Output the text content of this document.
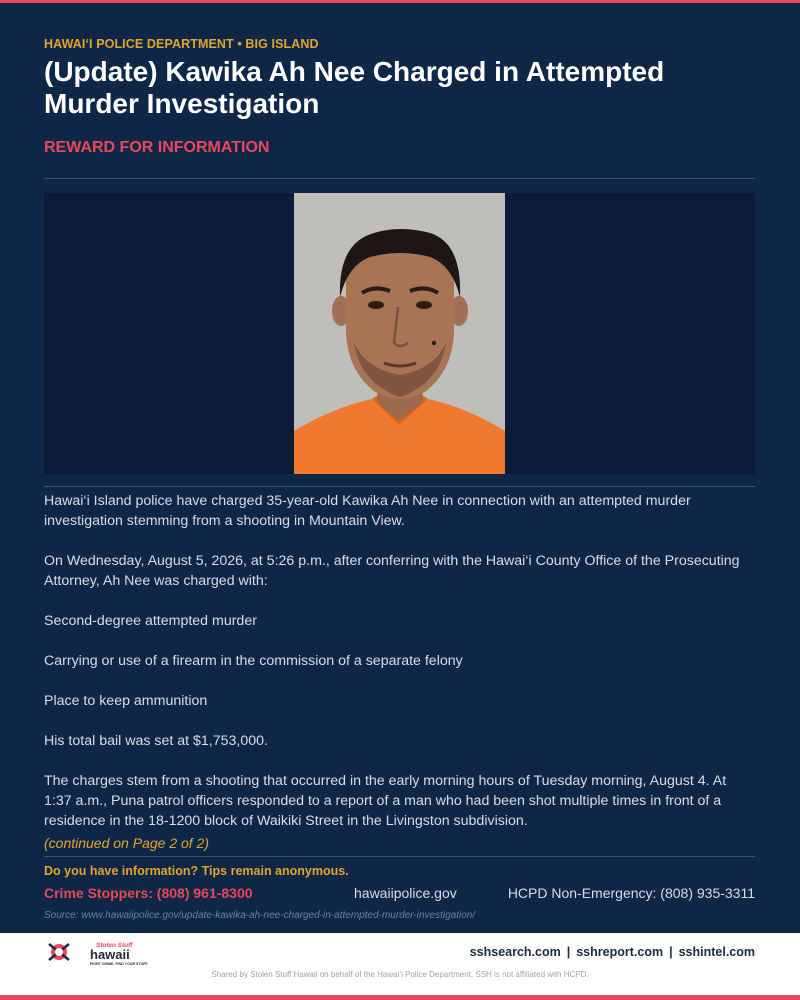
HAWAI‘I POLICE DEPARTMENT • BIG ISLAND
(Update) Kawika Ah Nee Charged in Attempted Murder Investigation
REWARD FOR INFORMATION

Hawai‘i Island police have charged 35-year-old Kawika Ah Nee in connection with an attempted murder investigation stemming from a shooting in Mountain View.

On Wednesday, August 5, 2026, at 5:26 p.m., after conferring with the Hawai‘i County Office of the Prosecuting Attorney, Ah Nee was charged with:

Second-degree attempted murder

Carrying or use of a firearm in the commission of a separate felony

Place to keep ammunition

His total bail was set at $1,753,000.

The charges stem from a shooting that occurred in the early morning hours of Tuesday morning, August 4. At 1:37 a.m., Puna patrol officers responded to a report of a man who had been shot multiple times in front of a residence in the 18-1200 block of Waikiki Street in the Livingston subdivision.

(continued on Page 2 of 2)
Do you have information? Tips remain anonymous.
Crime Stoppers: (808) 961-8300	hawaiipolice.gov	HCPD Non-Emergency: (808) 935-3311
Source: www.hawaiipolice.gov/update-kawika-ah-nee-charged-in-attempted-murder-investigation/
Stolen Stuff
hawaii
FIGHT CRIME. FIND YOUR STUFF.
sshsearch.com | sshreport.com | sshintel.com
Shared by Stolen Stuff Hawaii on behalf of the Hawai‘i Police Department. SSH is not affiliated with HCPD.
